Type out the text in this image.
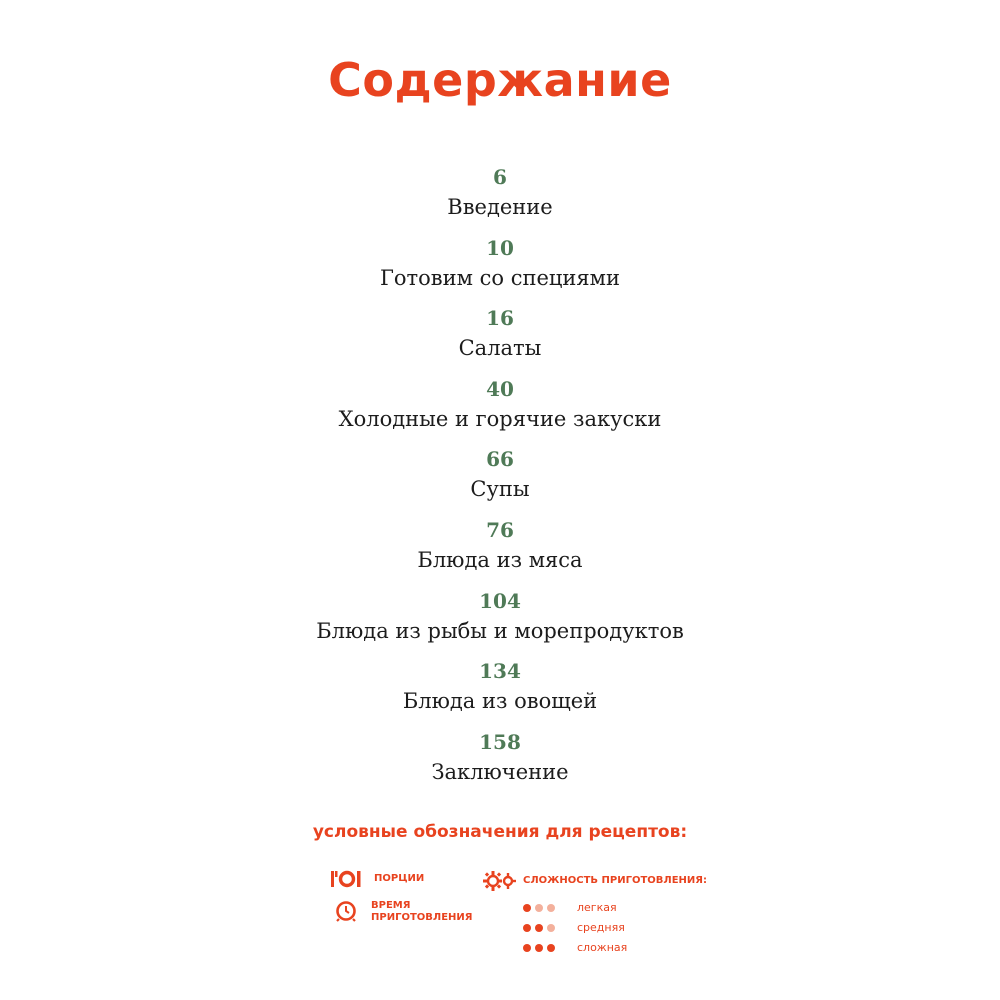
Содержание
6
Введение
10
Готовим со специями
16
Салаты
40
Холодные и горячие закуски
66
Супы
76
Блюда из мяса
104
Блюда из рыбы и морепродуктов
134
Блюда из овощей
158
Заключение
условные обозначения для рецептов:
ПОРЦИИ
ВРЕМЯ
ПРИГОТОВЛЕНИЯ
СЛОЖНОСТЬ ПРИГОТОВЛЕНИЯ:
легкая
средняя
сложная
